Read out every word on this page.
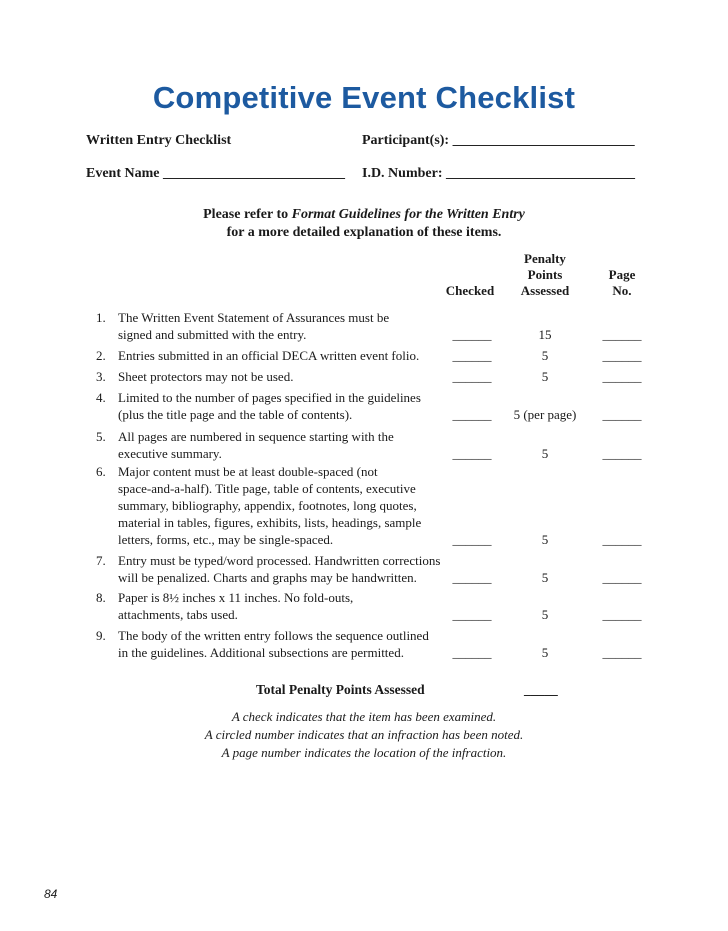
Competitive Event Checklist
Written Entry Checklist	Participant(s): __________________________
Event Name __________________________ I.D. Number: ___________________________
Please refer to Format Guidelines for the Written Entry
for a more detailed explanation of these items.
Checked
Penalty
Points
Assessed
Page
No.
1. The Written Event Statement of Assurances must be
signed and submitted with the entry.	______	15	______
2. Entries submitted in an official DECA written event folio.	______	5	______
3. Sheet protectors may not be used.	______	5	______
4. Limited to the number of pages specified in the guidelines
(plus the title page and the table of contents).	______	5 (per page)	______
5. All pages are numbered in sequence starting with the
executive summary.	______	5	______
6. Major content must be at least double-spaced (not
space-and-a-half). Title page, table of contents, executive
summary, bibliography, appendix, footnotes, long quotes,
material in tables, figures, exhibits, lists, headings, sample
letters, forms, etc., may be single-spaced.	______	5	______
7. Entry must be typed/word processed. Handwritten corrections
will be penalized. Charts and graphs may be handwritten.	______	5	______
8. Paper is 8½ inches x 11 inches. No fold-outs,
attachments, tabs used.	______	5	______
9. The body of the written entry follows the sequence outlined
in the guidelines. Additional subsections are permitted.	______	5	______
Total Penalty Points Assessed	_____
A check indicates that the item has been examined.
A circled number indicates that an infraction has been noted.
A page number indicates the location of the infraction.
84
